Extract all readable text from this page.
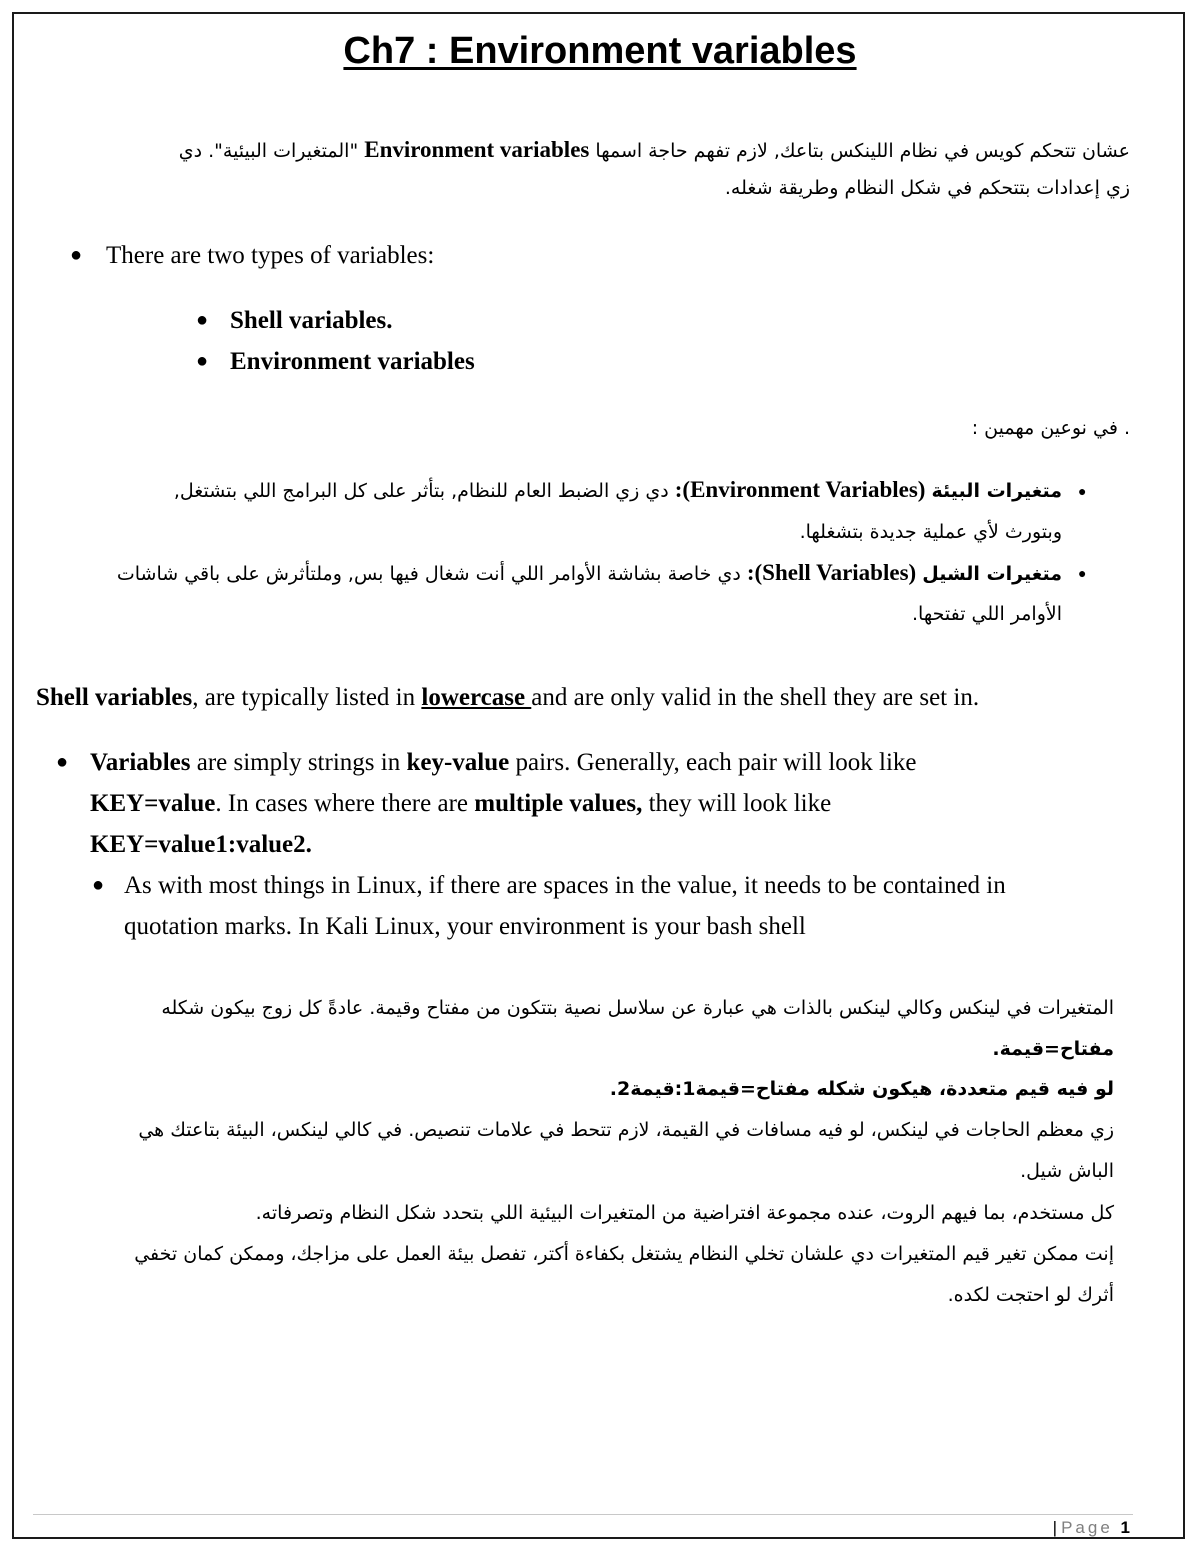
Ch7 : Environment variables
عشان تتحكم كويس في نظام اللينكس بتاعك, لازم تفهم حاجة اسمها Environment variables "المتغيرات البيئية". دي
زي إعدادات بتتحكم في شكل النظام وطريقة شغله.
● There are two types of variables:
● Shell variables.
● Environment variables
. في نوعين مهمين :
●
متغيرات البيئة (Environment Variables): دي زي الضبط العام للنظام, بتأثر على كل البرامج اللي بتشتغل,
وبتورث لأي عملية جديدة بتشغلها.
●
متغيرات الشيل (Shell Variables): دي خاصة بشاشة الأوامر اللي أنت شغال فيها بس, وملتأثرش على باقي شاشات
الأوامر اللي تفتحها.
Shell variables, are typically listed in lowercase and are only valid in the shell they are set in.
● Variables are simply strings in key-value pairs. Generally, each pair will look like
KEY=value. In cases where there are multiple values, they will look like
KEY=value1:value2.
● As with most things in Linux, if there are spaces in the value, it needs to be contained in
quotation marks. In Kali Linux, your environment is your bash shell
المتغيرات في لينكس وكالي لينكس بالذات هي عبارة عن سلاسل نصية بتتكون من مفتاح وقيمة. عادةً كل زوج بيكون شكله
مفتاح=قيمة.
لو فيه قيم متعددة، هيكون شكله مفتاح=قيمة1:قيمة2.
زي معظم الحاجات في لينكس، لو فيه مسافات في القيمة، لازم تتحط في علامات تنصيص. في كالي لينكس، البيئة بتاعتك هي
الباش شيل.
كل مستخدم، بما فيهم الروت، عنده مجموعة افتراضية من المتغيرات البيئية اللي بتحدد شكل النظام وتصرفاته.
إنت ممكن تغير قيم المتغيرات دي علشان تخلي النظام يشتغل بكفاءة أكتر، تفصل بيئة العمل على مزاجك، وممكن كمان تخفي
أثرك لو احتجت لكده.
| Page 1
